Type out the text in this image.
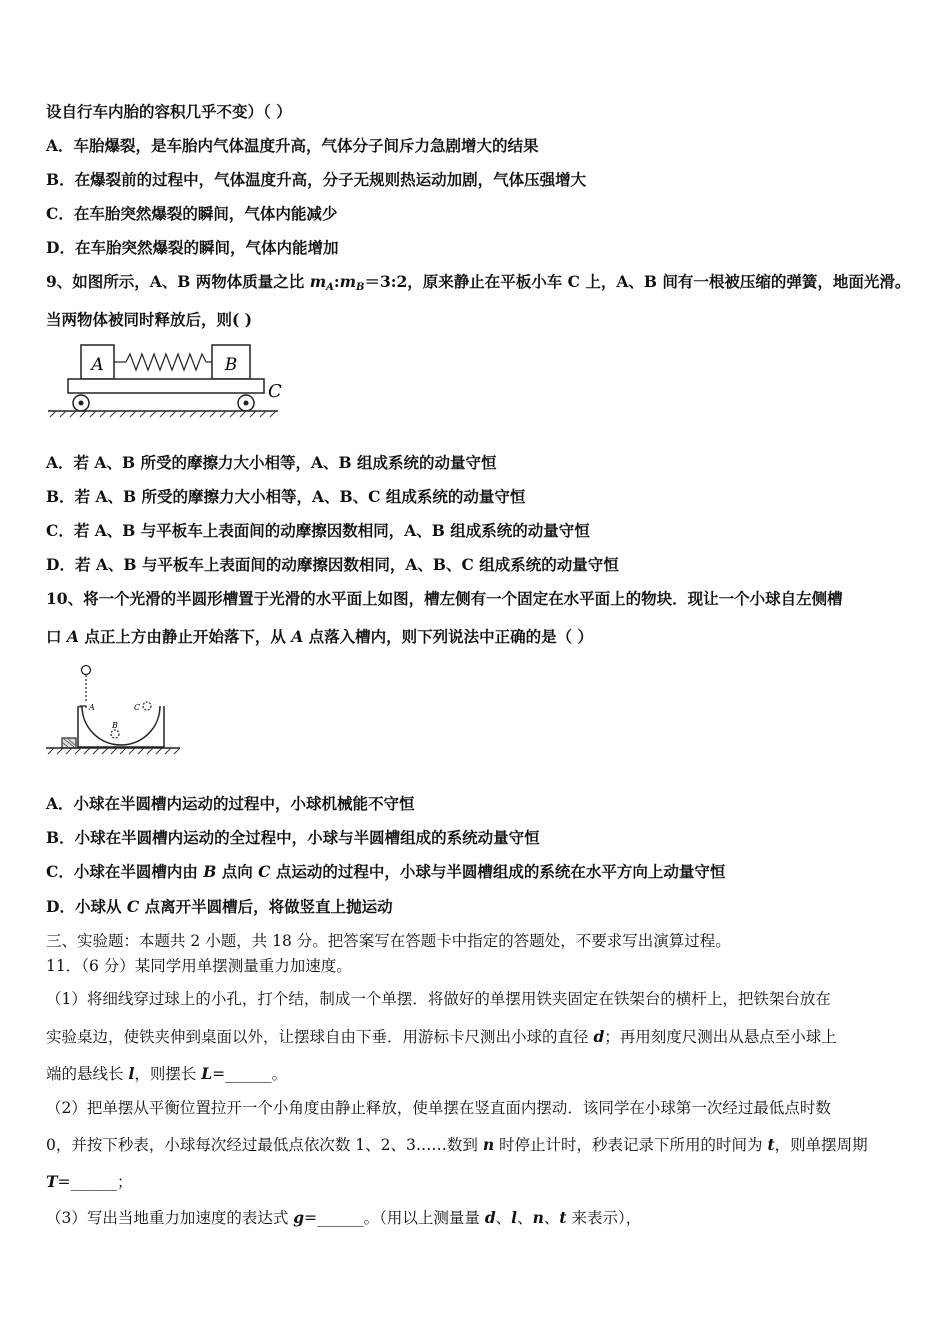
设自行车内胎的容积几乎不变）（ ）
A．车胎爆裂，是车胎内气体温度升高，气体分子间斥力急剧增大的结果
B．在爆裂前的过程中，气体温度升高，分子无规则热运动加剧，气体压强增大
C．在车胎突然爆裂的瞬间，气体内能减少
D．在车胎突然爆裂的瞬间，气体内能增加
9、如图所示，A、B 两物体质量之比 $m_A:m_B=3:2$，原来静止在平板小车 C 上，A、B 间有一根被压缩的弹簧，地面光滑。
当两物体被同时释放后，则( )
A	B
C
A．若 A、B 所受的摩擦力大小相等，A、B 组成系统的动量守恒
B．若 A、B 所受的摩擦力大小相等，A、B、C 组成系统的动量守恒
C．若 A、B 与平板车上表面间的动摩擦因数相同，A、B 组成系统的动量守恒
D．若 A、B 与平板车上表面间的动摩擦因数相同，A、B、C 组成系统的动量守恒
10、将一个光滑的半圆形槽置于光滑的水平面上如图，槽左侧有一个固定在水平面上的物块．现让一个小球自左侧槽
口 A 点正上方由静止开始落下，从 A 点落入槽内，则下列说法中正确的是（ ）
A
B
C
A．小球在半圆槽内运动的过程中，小球机械能不守恒
B．小球在半圆槽内运动的全过程中，小球与半圆槽组成的系统动量守恒
C．小球在半圆槽内由 B 点向 C 点运动的过程中，小球与半圆槽组成的系统在水平方向上动量守恒
D．小球从 C 点离开半圆槽后，将做竖直上抛运动
三、实验题：本题共 2 小题，共 18 分。把答案写在答题卡中指定的答题处，不要求写出演算过程。
11．（6 分）某同学用单摆测量重力加速度。
（1）将细线穿过球上的小孔，打个结，制成一个单摆．将做好的单摆用铁夹固定在铁架台的横杆上，把铁架台放在
实验桌边，使铁夹伸到桌面以外，让摆球自由下垂．用游标卡尺测出小球的直径 d；再用刻度尺测出从悬点至小球上
端的悬线长 l，则摆长 L=______。
（2）把单摆从平衡位置拉开一个小角度由静止释放，使单摆在竖直面内摆动．该同学在小球第一次经过最低点时数
0，并按下秒表，小球每次经过最低点依次数 1、2、3……数到 n 时停止计时，秒表记录下所用的时间为 t，则单摆周期
T=______；
（3）写出当地重力加速度的表达式 g=______。（用以上测量量 d、l、n、t 来表示），
